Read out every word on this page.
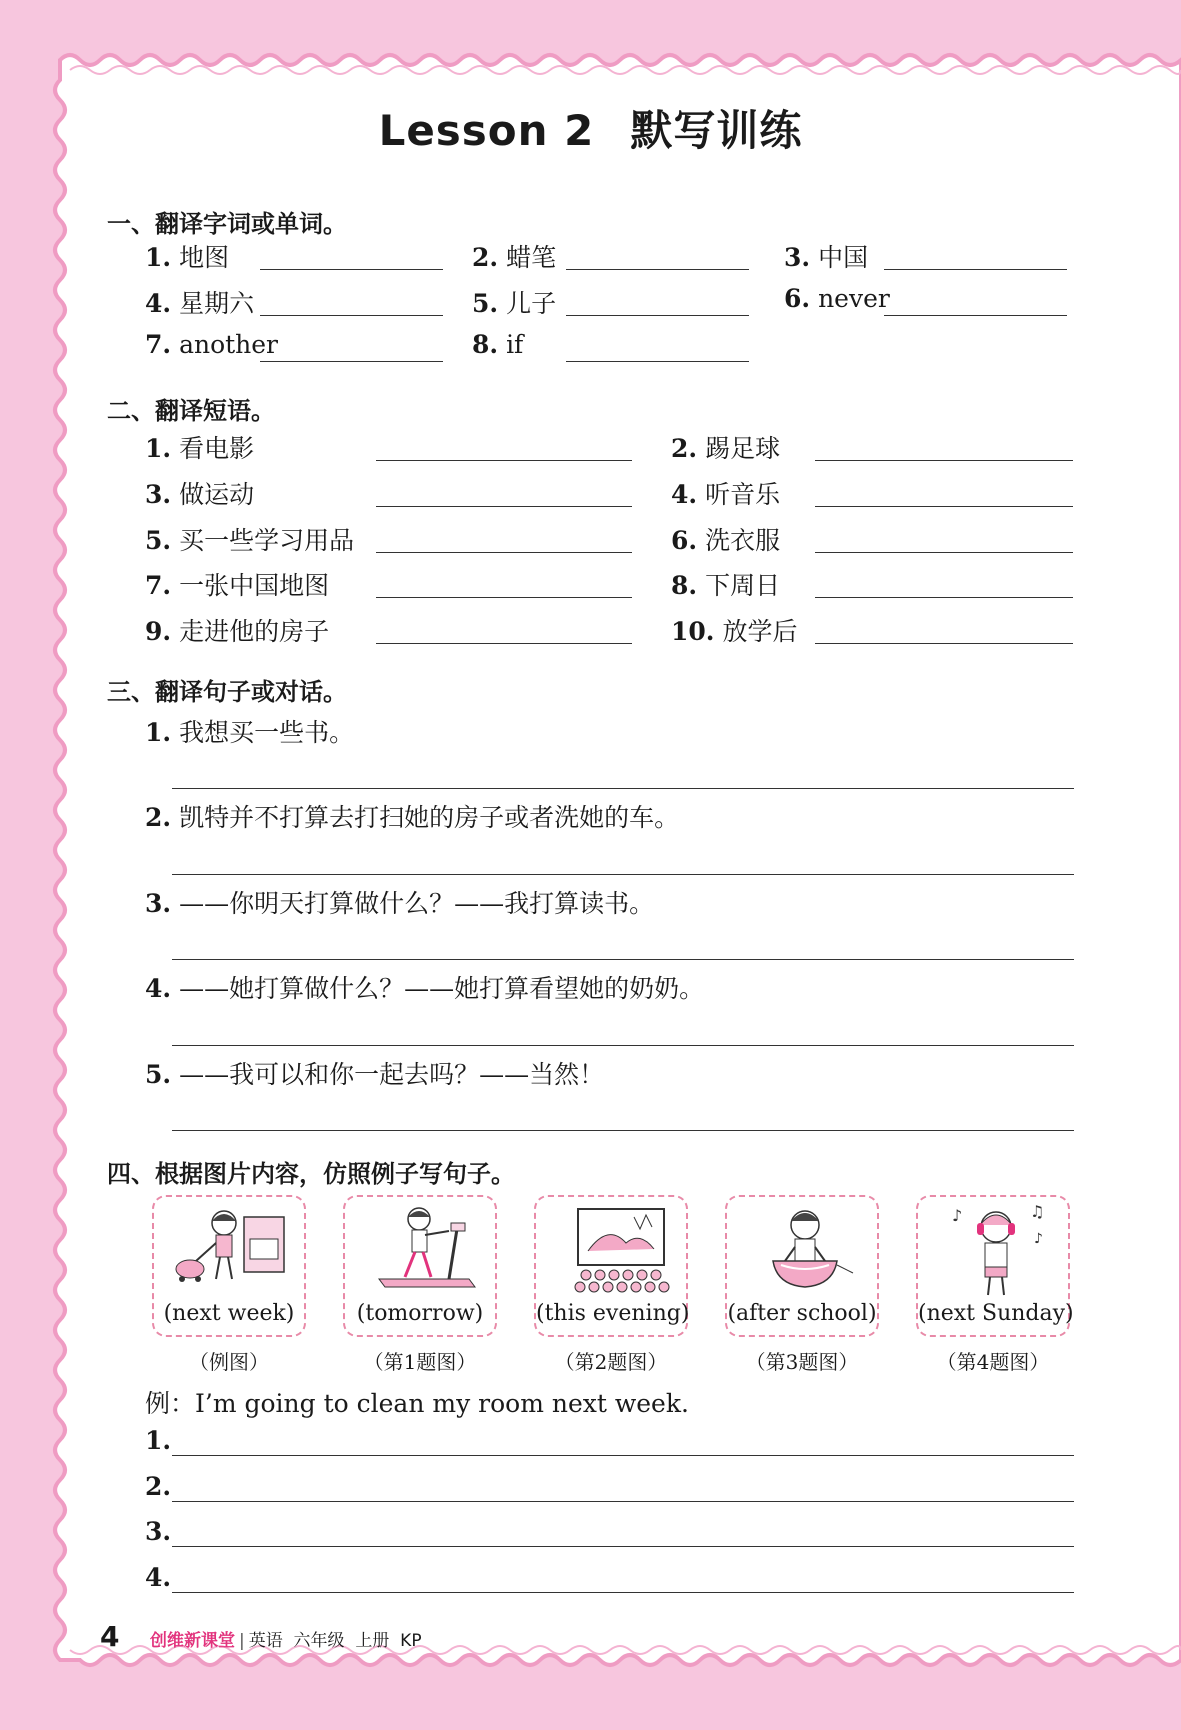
Lesson 2 默写训练
一、翻译字词或单词。
1. 地图	2. 蜡笔	3. 中国
4. 星期六	5. 儿子	6. never
7. another	8. if
二、翻译短语。
1. 看电影	2. 踢足球
3. 做运动	4. 听音乐
5. 买一些学习用品	6. 洗衣服
7. 一张中国地图	8. 下周日
9. 走进他的房子	10. 放学后
三、翻译句子或对话。
1. 我想买一些书。
2. 凯特并不打算去打扫她的房子或者洗她的车。
3. ——你明天打算做什么？——我打算读书。
4. ——她打算做什么？——她打算看望她的奶奶。
5. ——我可以和你一起去吗？——当然！
四、根据图片内容，仿照例子写句子。
(next week)	(tomorrow)	(this evening) (after school)
♪	♫
♪
(next Sunday)
（例图）	（第1题图）	（第2题图）	（第3题图）	（第4题图）
例：I’m going to clean my room next week.
1.
2.
3.
4.
4 创维新课堂 | 英语 六年级 上册 KP
